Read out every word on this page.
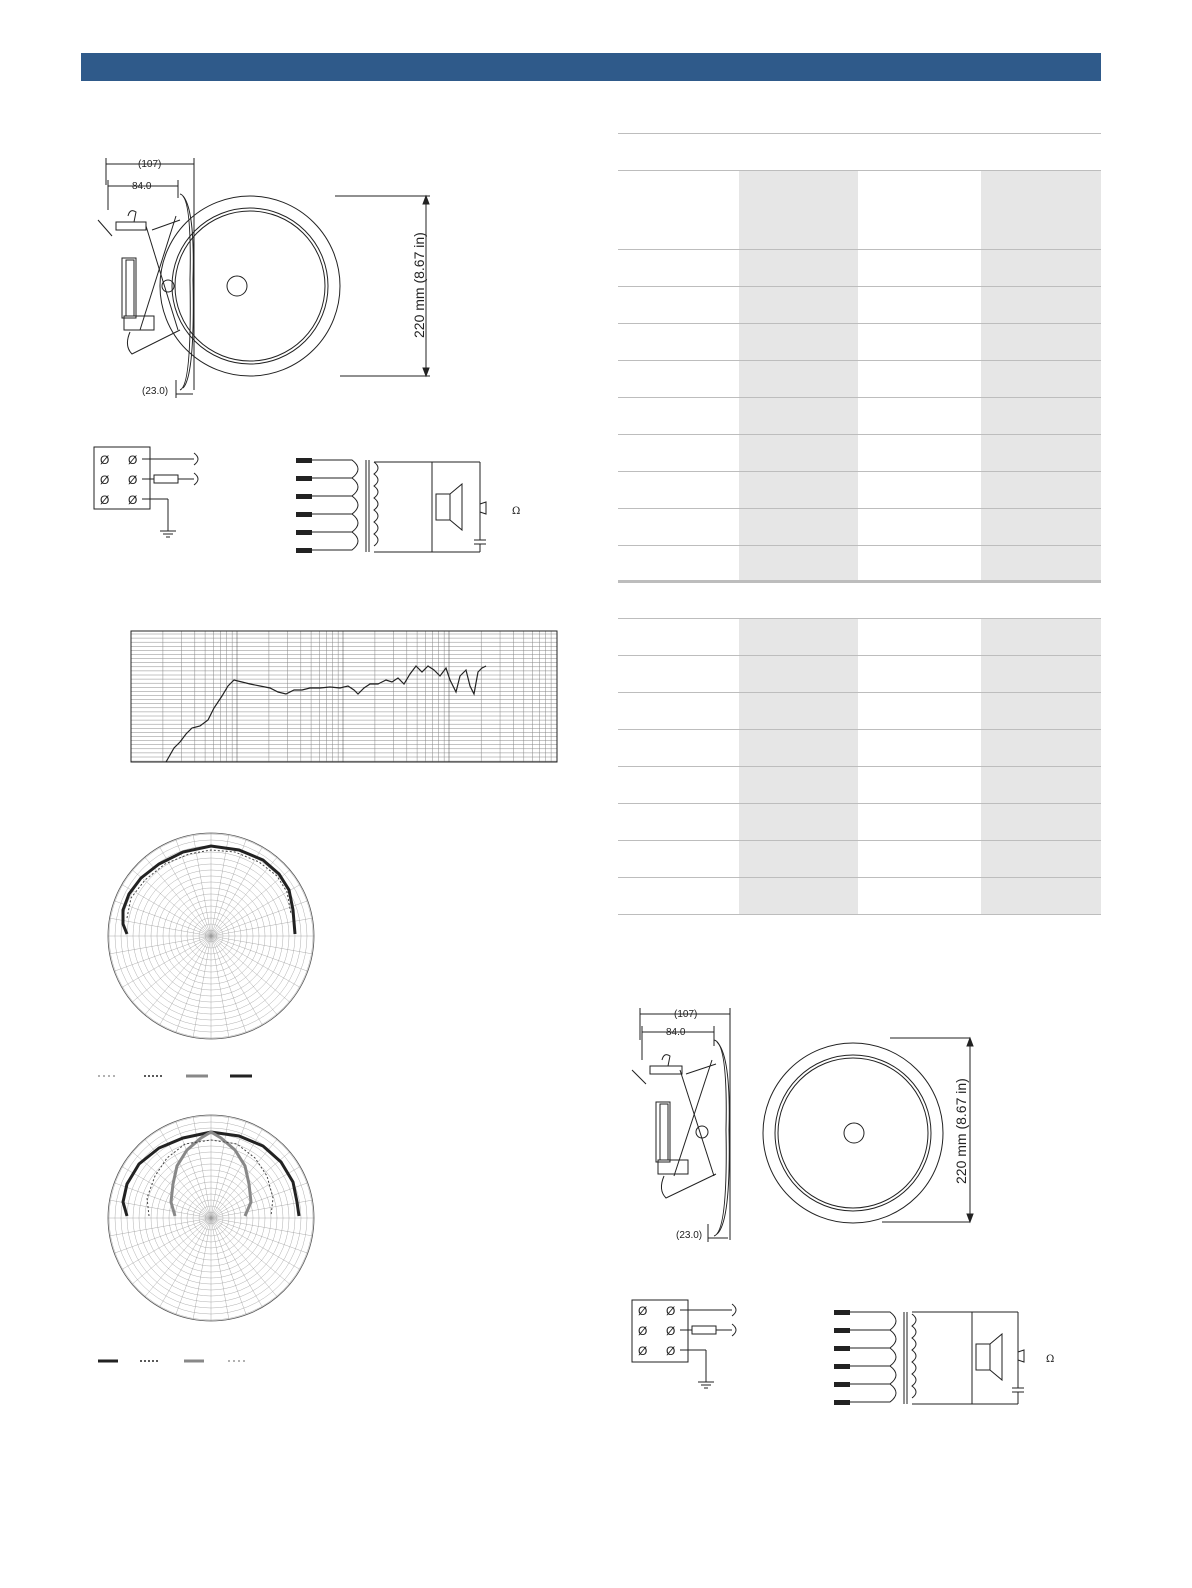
(107)
84.0
(23.0)
220 mm (8.67 in)
Ø Ø
Ø Ø
Ø Ø
Ω
(107)
84.0
(23.0)
220 mm (8.67 in)
Ø Ø
Ø Ø
Ø Ø
Ω
